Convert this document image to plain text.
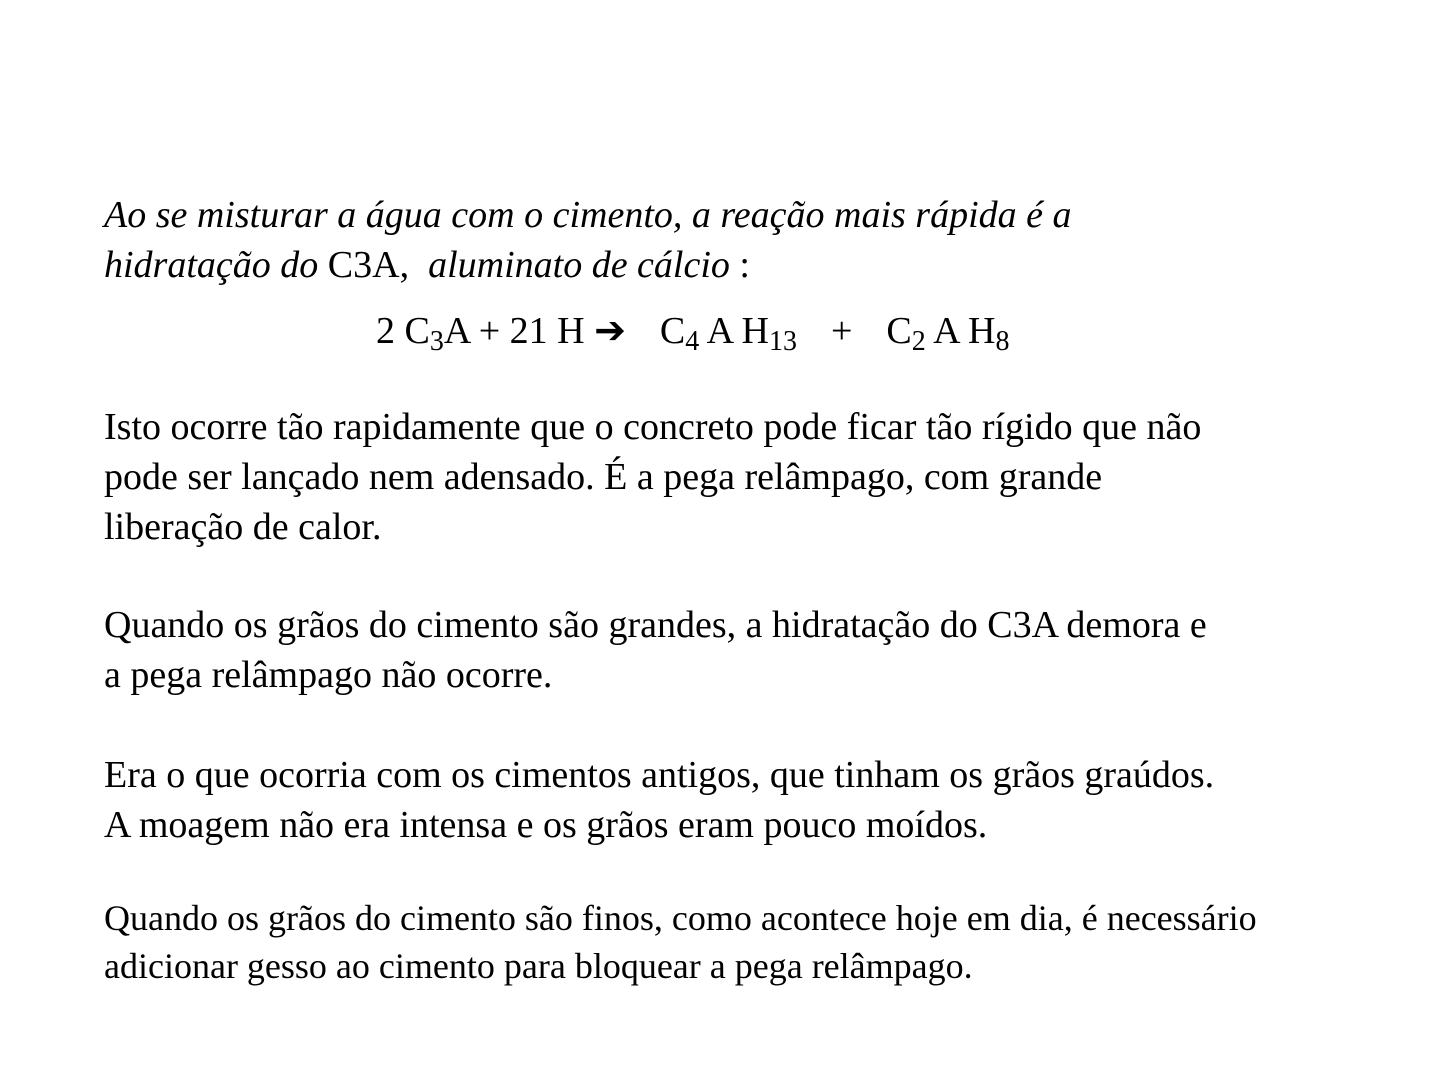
Ao se misturar a água com o cimento, a reação mais rápida é a
hidratação do C3A, aluminato de cálcio :

2 $C_3A + 21$ H ➔ $C_4$ A $H_{13} + C_2$ A $H_8$

Isto ocorre tão rapidamente que o concreto pode ficar tão rígido que não
pode ser lançado nem adensado. É a pega relâmpago, com grande
liberação de calor.

Quando os grãos do cimento são grandes, a hidratação do C3A demora e
a pega relâmpago não ocorre.

Era o que ocorria com os cimentos antigos, que tinham os grãos graúdos.
A moagem não era intensa e os grãos eram pouco moídos.

Quando os grãos do cimento são finos, como acontece hoje em dia, é necessário
adicionar gesso ao cimento para bloquear a pega relâmpago.
